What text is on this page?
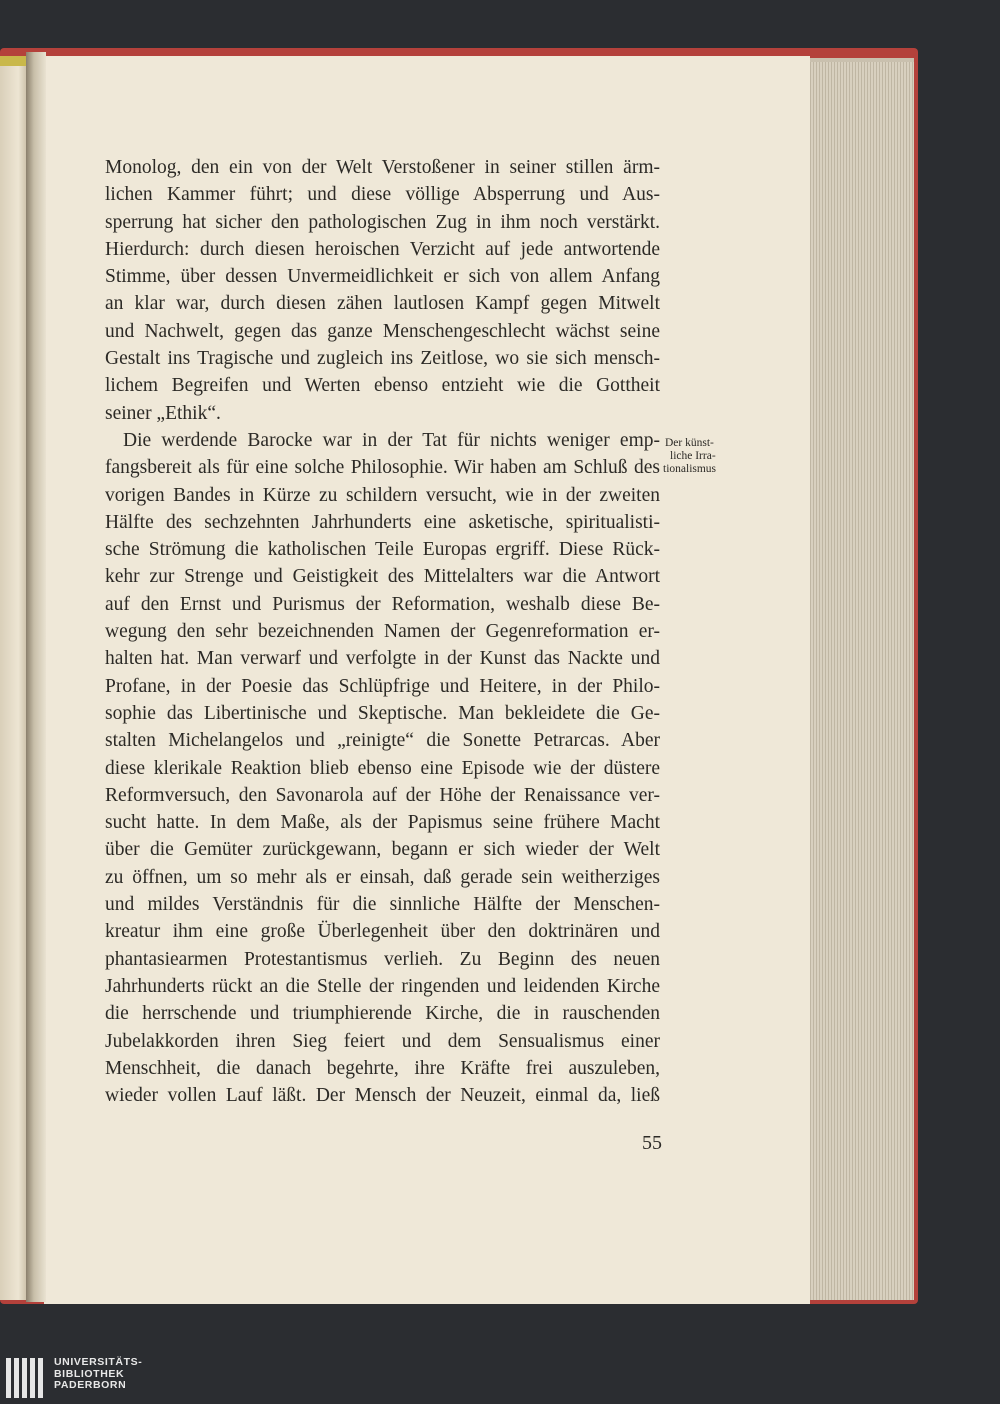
Monolog, den ein von der Welt Verstoßener in seiner stillen ärm-
lichen Kammer führt; und diese völlige Absperrung und Aus-
sperrung hat sicher den pathologischen Zug in ihm noch verstärkt.
Hierdurch: durch diesen heroischen Verzicht auf jede antwortende
Stimme, über dessen Unvermeidlichkeit er sich von allem Anfang
an klar war, durch diesen zähen lautlosen Kampf gegen Mitwelt
und Nachwelt, gegen das ganze Menschengeschlecht wächst seine
Gestalt ins Tragische und zugleich ins Zeitlose, wo sie sich mensch-
lichem Begreifen und Werten ebenso entzieht wie die Gottheit
seiner „Ethik“.
Die werdende Barocke war in der Tat für nichts weniger emp-
fangsbereit als für eine solche Philosophie. Wir haben am Schluß des
vorigen Bandes in Kürze zu schildern versucht, wie in der zweiten
Hälfte des sechzehnten Jahrhunderts eine asketische, spiritualisti-
sche Strömung die katholischen Teile Europas ergriff. Diese Rück-
kehr zur Strenge und Geistigkeit des Mittelalters war die Antwort
auf den Ernst und Purismus der Reformation, weshalb diese Be-
wegung den sehr bezeichnenden Namen der Gegenreformation er-
halten hat. Man verwarf und verfolgte in der Kunst das Nackte und
Profane, in der Poesie das Schlüpfrige und Heitere, in der Philo-
sophie das Libertinische und Skeptische. Man bekleidete die Ge-
stalten Michelangelos und „reinigte“ die Sonette Petrarcas. Aber
diese klerikale Reaktion blieb ebenso eine Episode wie der düstere
Reformversuch, den Savonarola auf der Höhe der Renaissance ver-
sucht hatte. In dem Maße, als der Papismus seine frühere Macht
über die Gemüter zurückgewann, begann er sich wieder der Welt
zu öffnen, um so mehr als er einsah, daß gerade sein weitherziges
und mildes Verständnis für die sinnliche Hälfte der Menschen-
kreatur ihm eine große Überlegenheit über den doktrinären und
phantasiearmen Protestantismus verlieh. Zu Beginn des neuen
Jahrhunderts rückt an die Stelle der ringenden und leidenden Kirche
die herrschende und triumphierende Kirche, die in rauschenden
Jubelakkorden ihren Sieg feiert und dem Sensualismus einer
Menschheit, die danach begehrte, ihre Kräfte frei auszuleben,
wieder vollen Lauf läßt. Der Mensch der Neuzeit, einmal da, ließ
Der künst-
liche Irra-
tionalismus
55
UNIVERSITÄTS-
BIBLIOTHEK
PADERBORN
